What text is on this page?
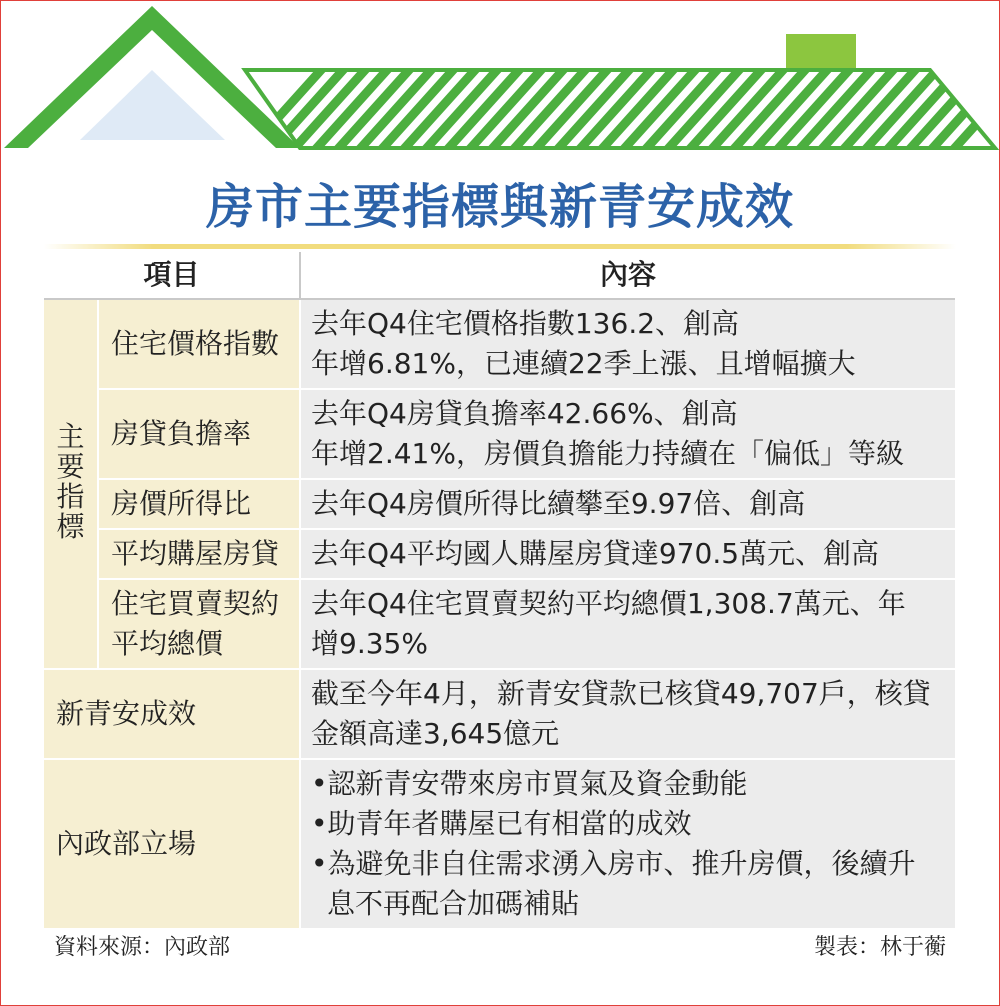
房市主要指標與新青安成效
項目		內容
主要指標	住宅價格指數	去年Q4住宅價格指數136.2、創高
年增6.81%，已連續22季上漲、且增幅擴大

	房貸負擔率	去年Q4房貸負擔率42.66%、創高
年增2.41%，房價負擔能力持續在「偏低」等級

	房價所得比	去年Q4房價所得比續攀至9.97倍、創高

	平均購屋房貸	去年Q4平均國人購屋房貸達970.5萬元、創高

	住宅買賣契約
平均總價	去年Q4住宅買賣契約平均總價1,308.7萬元、年
增9.35%

新青安成效		截至今年4月，新青安貸款已核貸49,707戶，核貸
金額高達3,645億元

內政部立場		•認新青安帶來房市買氣及資金動能
•助青年者購屋已有相當的成效
•為避免非自住需求湧入房市、推升房價，後續升
息不再配合加碼補貼
資料來源：內政部	製表：林于蘅
